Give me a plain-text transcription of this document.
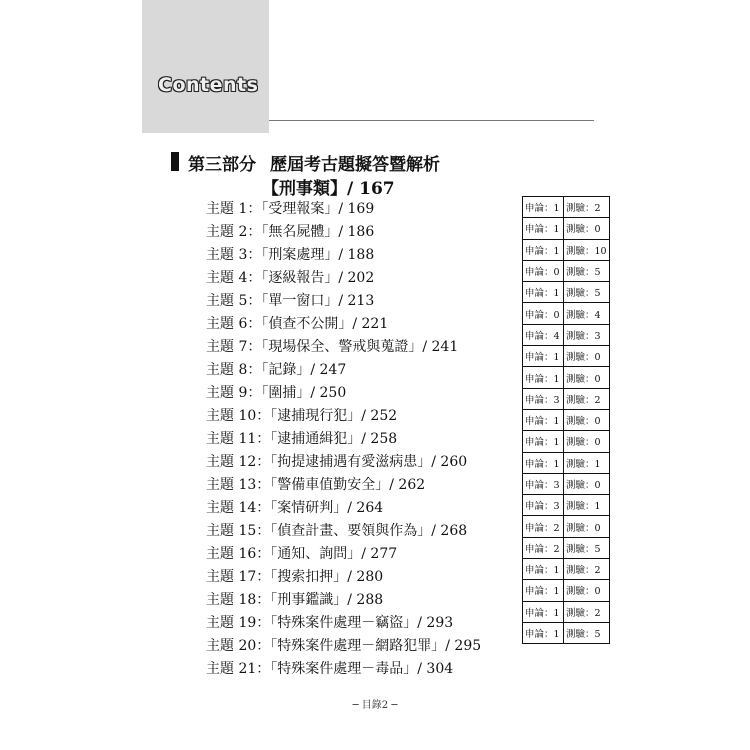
Contents
第三部分 歷屆考古題擬答暨解析
【刑事類】/ 167
主題 1：「受理報案」/ 169
主題 2：「無名屍體」/ 186
主題 3：「刑案處理」/ 188
主題 4：「逐級報告」/ 202
主題 5：「單一窗口」/ 213
主題 6：「偵查不公開」/ 221
主題 7：「現場保全、警戒與蒐證」/ 241
主題 8：「記錄」/ 247
主題 9：「圍捕」/ 250
主題 10：「逮捕現行犯」/ 252
主題 11：「逮捕通緝犯」/ 258
主題 12：「拘提逮捕遇有愛滋病患」/ 260
主題 13：「警備車值勤安全」/ 262
主題 14：「案情研判」/ 264
主題 15：「偵查計畫、要領與作為」/ 268
主題 16：「通知、詢問」/ 277
主題 17：「搜索扣押」/ 280
主題 18：「刑事鑑識」/ 288
主題 19：「特殊案件處理－竊盜」/ 293
主題 20：「特殊案件處理－網路犯罪」/ 295
主題 21：「特殊案件處理－毒品」/ 304
申論：1	測驗：2
申論：1	測驗：0
申論：1	測驗：10
申論：0	測驗：5
申論：1	測驗：5
申論：0	測驗：4
申論：4	測驗：3
申論：1	測驗：0
申論：1	測驗：0
申論：3	測驗：2
申論：1	測驗：0
申論：1	測驗：0
申論：1	測驗：1
申論：3	測驗：0
申論：3	測驗：1
申論：2	測驗：0
申論：2	測驗：5
申論：1	測驗：2
申論：1	測驗：0
申論：1	測驗：2
申論：1	測驗：5
─ 目錄2 ─
